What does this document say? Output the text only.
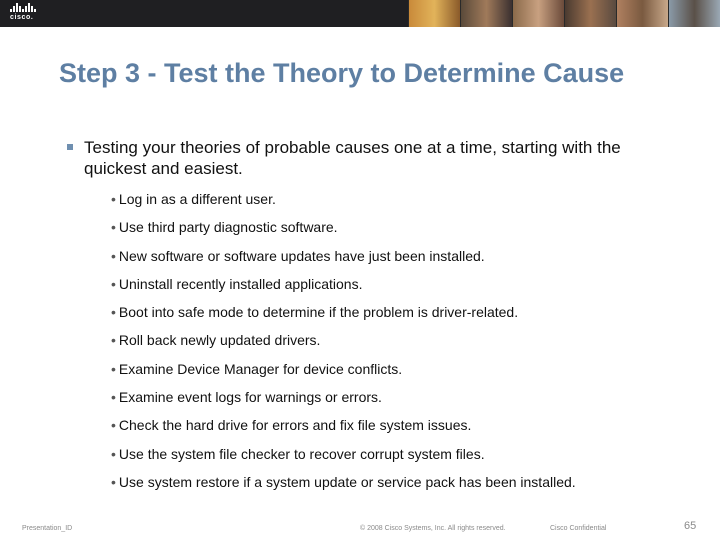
cisco.
Step 3 - Test the Theory to Determine Cause
Testing your theories of probable causes one at a time, starting with the quickest and easiest.
• Log in as a different user.
• Use third party diagnostic software.
• New software or software updates have just been installed.
• Uninstall recently installed applications.
• Boot into safe mode to determine if the problem is driver-related.
• Roll back newly updated drivers.
• Examine Device Manager for device conflicts.
• Examine event logs for warnings or errors.
• Check the hard drive for errors and fix file system issues.
• Use the system file checker to recover corrupt system files.
• Use system restore if a system update or service pack has been installed.
Presentation_ID	© 2008 Cisco Systems, Inc. All rights reserved.	Cisco Confidential	65
